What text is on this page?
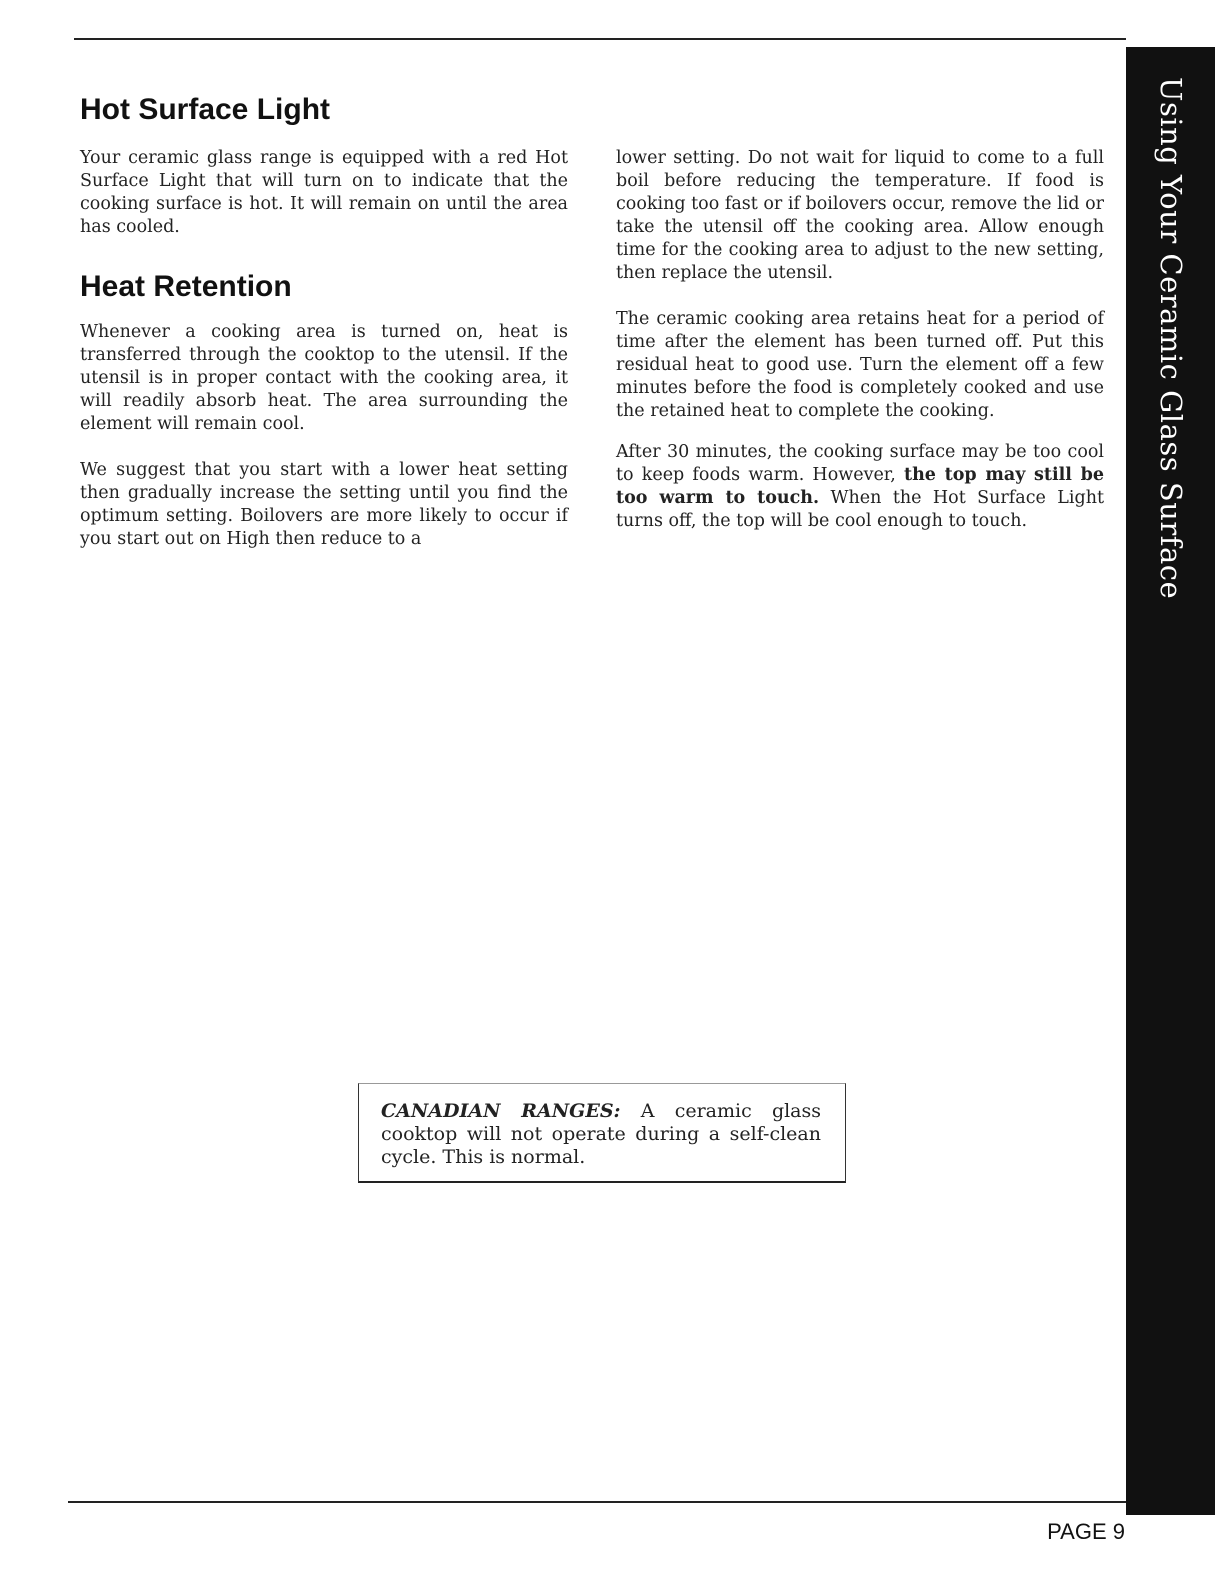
Using Your Ceramic Glass Surface
Hot Surface Light

Your ceramic glass range is equipped with a red Hot Surface Light that will turn on to indicate that the cooking surface is hot. It will remain on until the area has cooled.

Heat Retention

Whenever a cooking area is turned on, heat is transferred through the cooktop to the utensil. If the utensil is in proper contact with the cooking area, it will readily absorb heat. The area surrounding the element will remain cool.

We suggest that you start with a lower heat setting then gradually increase the setting until you find the optimum setting. Boilovers are more likely to occur if you start out on High then reduce to a

lower setting. Do not wait for liquid to come to a full boil before reducing the temperature. If food is cooking too fast or if boilovers occur, remove the lid or take the utensil off the cooking area. Allow enough time for the cooking area to adjust to the new setting, then replace the utensil.

The ceramic cooking area retains heat for a period of time after the element has been turned off. Put this residual heat to good use. Turn the element off a few minutes before the food is completely cooked and use the retained heat to complete the cooking.

After 30 minutes, the cooking surface may be too cool to keep foods warm. However, the top may still be too warm to touch. When the Hot Surface Light turns off, the top will be cool enough to touch.

CANADIAN RANGES: A ceramic glass cooktop will not operate during a self-clean cycle. This is normal.

PAGE 9
